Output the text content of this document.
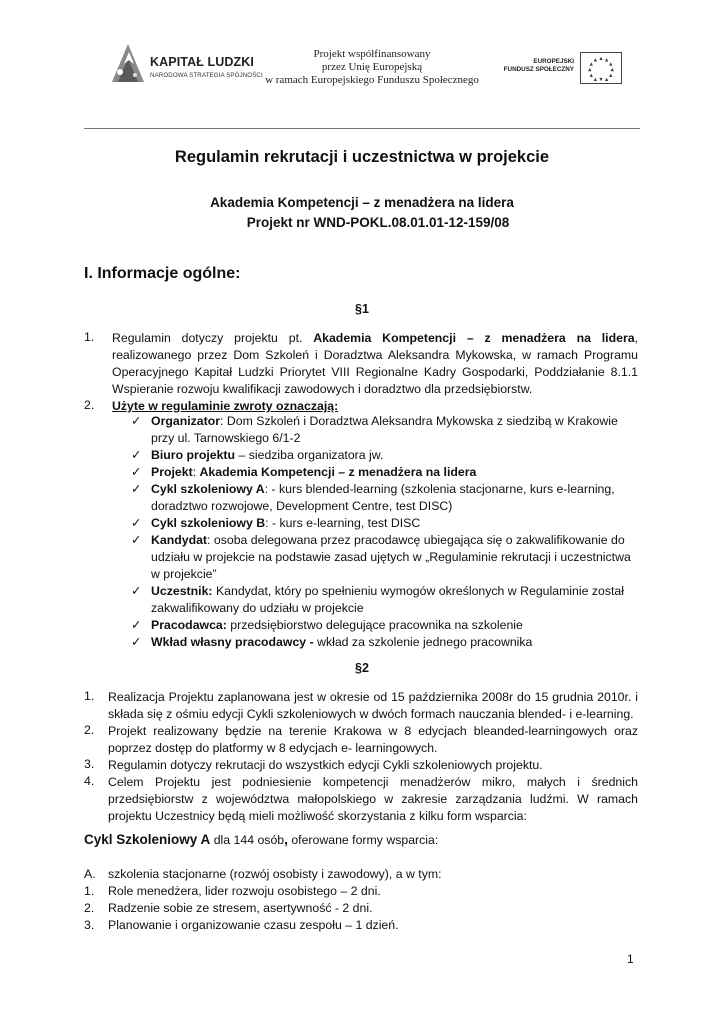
KAPITAŁ LUDZKI
NARODOWA STRATEGIA SPÓJNOŚCI
Projekt współfinansowany
przez Unię Europejską
w ramach Europejskiego Funduszu Społecznego
EUROPEJSKI
FUNDUSZ SPOŁECZNY
Regulamin rekrutacji i uczestnictwa w projekcie
Akademia Kompetencji – z menadżera na lidera
Projekt nr WND-POKL.08.01.01-12-159/08
I. Informacje ogólne:
§1
1. Regulamin dotyczy projektu pt. Akademia Kompetencji – z menadżera na lidera, realizowanego przez Dom Szkoleń i Doradztwa Aleksandra Mykowska, w ramach Programu Operacyjnego Kapitał Ludzki Priorytet VIII Regionalne Kadry Gospodarki, Poddziałanie 8.1.1 Wspieranie rozwoju kwalifikacji zawodowych i doradztwo dla przedsiębiorstw.
2. Użyte w regulaminie zwroty oznaczają:
✓ Organizator: Dom Szkoleń i Doradztwa Aleksandra Mykowska z siedzibą w Krakowie przy ul. Tarnowskiego 6/1-2
✓ Biuro projektu – siedziba organizatora jw.
✓ Projekt: Akademia Kompetencji – z menadżera na lidera
✓ Cykl szkoleniowy A: - kurs blended-learning (szkolenia stacjonarne, kurs e-learning, doradztwo rozwojowe, Development Centre, test DISC)
✓ Cykl szkoleniowy B: - kurs e-learning, test DISC
✓ Kandydat: osoba delegowana przez pracodawcę ubiegająca się o zakwalifikowanie do udziału w projekcie na podstawie zasad ujętych w „Regulaminie rekrutacji i uczestnictwa w projekcie”
✓ Uczestnik: Kandydat, który po spełnieniu wymogów określonych w Regulaminie został zakwalifikowany do udziału w projekcie
✓ Pracodawca: przedsiębiorstwo delegujące pracownika na szkolenie
✓ Wkład własny pracodawcy - wkład za szkolenie jednego pracownika
§2
1. Realizacja Projektu zaplanowana jest w okresie od 15 października 2008r do 15 grudnia 2010r. i składa się z ośmiu edycji Cykli szkoleniowych w dwóch formach nauczania blended- i e-learning.
2. Projekt realizowany będzie na terenie Krakowa w 8 edycjach bleanded-learningowych oraz poprzez dostęp do platformy w 8 edycjach e- learningowych.
3. Regulamin dotyczy rekrutacji do wszystkich edycji Cykli szkoleniowych projektu.
4. Celem Projektu jest podniesienie kompetencji menadżerów mikro, małych i średnich przedsiębiorstw z województwa małopolskiego w zakresie zarządzania ludźmi. W ramach projektu Uczestnicy będą mieli możliwość skorzystania z kilku form wsparcia:
Cykl Szkoleniowy A dla 144 osób, oferowane formy wsparcia:
A. szkolenia stacjonarne (rozwój osobisty i zawodowy), a w tym:
1. Role menedżera, lider rozwoju osobistego – 2 dni.
2. Radzenie sobie ze stresem, asertywność - 2 dni.
3. Planowanie i organizowanie czasu zespołu – 1 dzień.
1
